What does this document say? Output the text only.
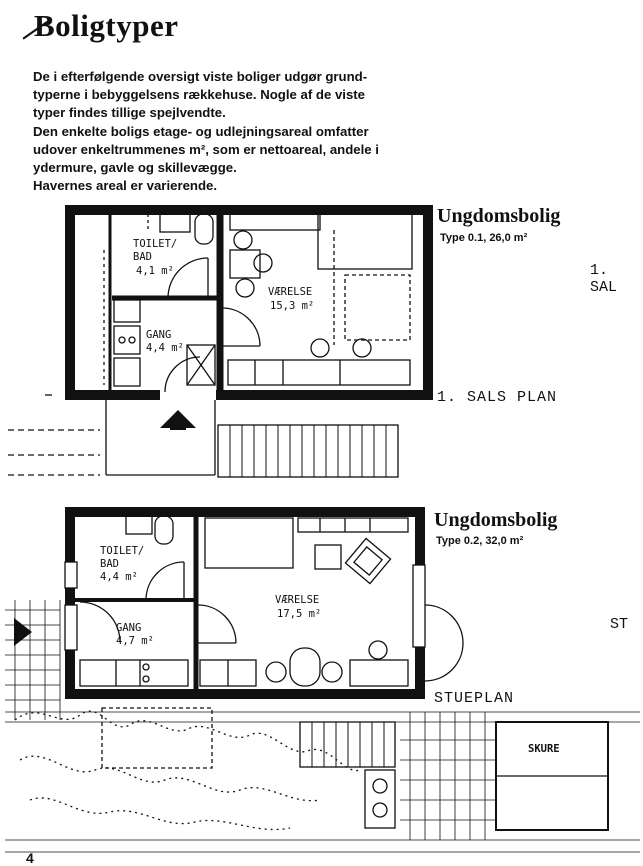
Boligtyper

De i efterfølgende oversigt viste boliger udgør grund-

typerne i bebyggelsens rækkehuse. Nogle af de viste

typer findes tillige spejlvendte.

Den enkelte boligs etage- og udlejningsareal omfatter

udover enkeltrummenes m², som er nettoareal, andele i

ydermure, gavle og skillevægge.

Havernes areal er varierende.

TOILET/
BAD
4,1 m²
VÆRELSE
15,3 m²
GANG
4,4 m²
TOILET/
BAD
4,4 m²
VÆRELSE
17,5 m²
GANG
4,7 m²
SKURE
Ungdomsbolig
Type 0.1, 26,0 m²
1. SAL
1. SALS PLAN
Ungdomsbolig
Type 0.2, 32,0 m²
ST
STUEPLAN
4
